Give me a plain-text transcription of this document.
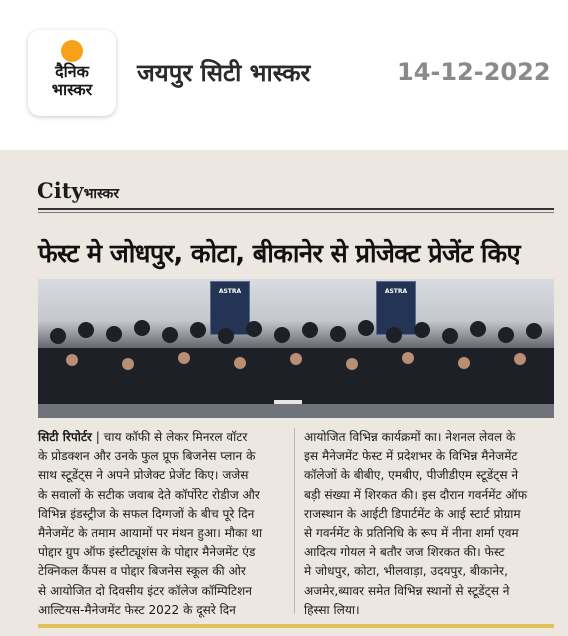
दैनिक
भास्कर
जयपुर सिटी भास्कर	14-12-2022
Cityभास्कर
फेस्ट मे जोधपुर, कोटा, बीकानेर से प्रोजेक्ट प्रेजेंट किए
ASTRA	ASTRA
सिटी रिपोर्टर | चाय कॉफी से लेकर मिनरल वॉटर
के प्रोडक्शन और उनके फुल प्रूफ बिजनेस प्लान के
साथ स्टूडेंट्स ने अपने प्रोजेक्ट प्रेजेंट किए। जजेस
के सवालों के सटीक जवाब देते कॉर्पोरेट रोडीज और
विभिन्न इंडस्ट्रीज के सफल दिग्गजों के बीच पूरे दिन
मैनेजमेंट के तमाम आयामों पर मंथन हुआ। मौका था
पोद्दार ग्रुप ऑफ इंस्टीट्यूशंस के पोद्दार मैनेजमेंट एंड
टेक्निकल कैंपस व पोद्दार बिजनेस स्कूल की ओर
से आयोजित दो दिवसीय इंटर कॉलेज कॉम्पिटिशन
आल्टियस-मैनेजमेंट फेस्ट 2022 के दूसरे दिन
आयोजित विभिन्न कार्यक्रमों का। नेशनल लेवल के
इस मैनेजमेंट फेस्ट में प्रदेशभर के विभिन्न मैनेजमेंट
कॉलेजों के बीबीए, एमबीए, पीजीडीएम स्टूडेंट्स ने
बड़ी संख्या में शिरकत की। इस दौरान गवर्नमेंट ऑफ
राजस्थान के आईटी डिपार्टमेंट के आई स्टार्ट प्रोग्राम
से गवर्नमेंट के प्रतिनिधि के रूप में नीना शर्मा एवम
आदित्य गोयल ने बतौर जज शिरकत की। फेस्ट
मे जोधपुर, कोटा, भीलवाड़ा, उदयपुर, बीकानेर,
अजमेर,ब्यावर समेत विभिन्न स्थानों से स्टूडेंट्स ने
हिस्सा लिया।
